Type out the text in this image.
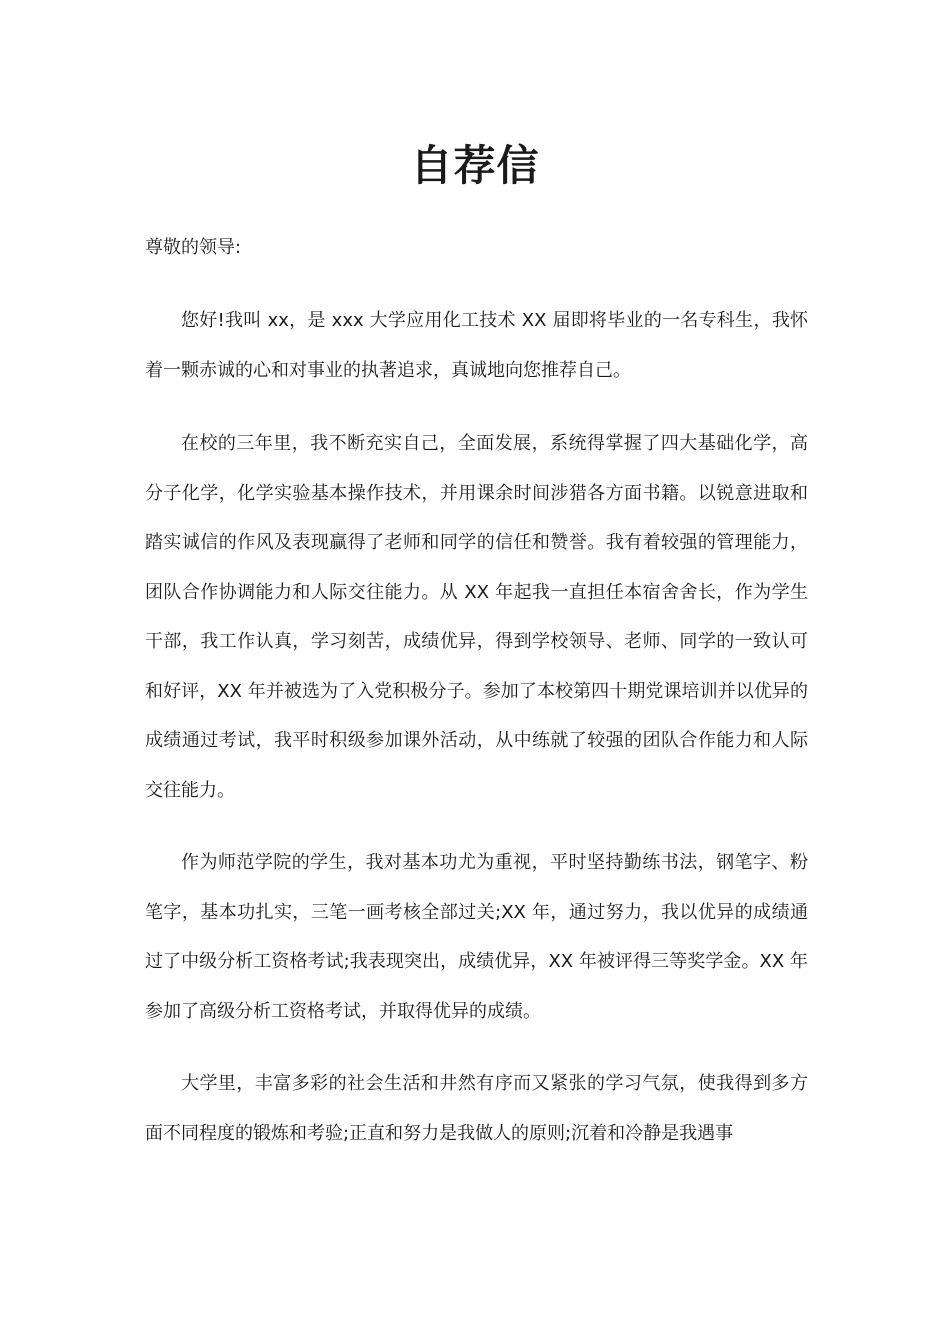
自荐信

尊敬的领导:

您好!我叫 xx，是 xxx 大学应用化工技术 XX 届即将毕业的一名专科生，我怀着一颗赤诚的心和对事业的执著追求，真诚地向您推荐自己。

在校的三年里，我不断充实自己，全面发展，系统得掌握了四大基础化学，高分子化学，化学实验基本操作技术，并用课余时间涉猎各方面书籍。以锐意进取和踏实诚信的作风及表现赢得了老师和同学的信任和赞誉。我有着较强的管理能力，团队合作协调能力和人际交往能力。从 XX 年起我一直担任本宿舍舍长，作为学生干部，我工作认真，学习刻苦，成绩优异，得到学校领导、老师、同学的一致认可和好评，XX 年并被选为了入党积极分子。参加了本校第四十期党课培训并以优异的成绩通过考试，我平时积级参加课外活动，从中练就了较强的团队合作能力和人际交往能力。

作为师范学院的学生，我对基本功尤为重视，平时坚持勤练书法，钢笔字、粉笔字，基本功扎实，三笔一画考核全部过关;XX 年，通过努力，我以优异的成绩通过了中级分析工资格考试;我表现突出，成绩优异，XX 年被评得三等奖学金。XX 年参加了高级分析工资格考试，并取得优异的成绩。

大学里，丰富多彩的社会生活和井然有序而又紧张的学习气氛，使我得到多方面不同程度的锻炼和考验;正直和努力是我做人的原则;沉着和冷静是我遇事
